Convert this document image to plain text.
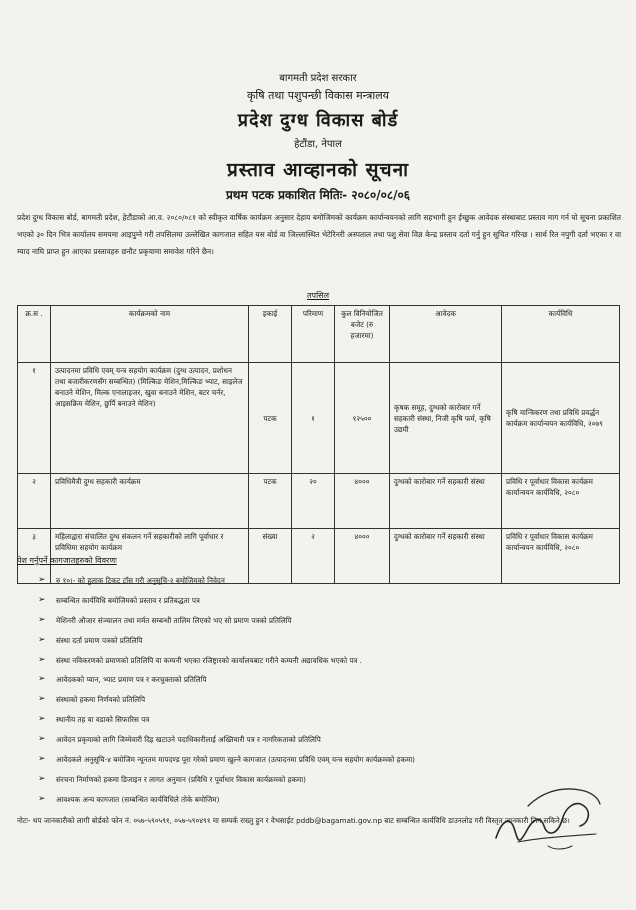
बागमती प्रदेश सरकार
कृषि तथा पशुपन्छी विकास मन्त्रालय
प्रदेश दुग्ध विकास बोर्ड
हेटौंडा, नेपाल
प्रस्ताव आव्हानको सूचना
प्रथम पटक प्रकाशित मितिः- २०८०/०८/०६
प्रदेश दुग्ध विकास बोर्ड, बागमती प्रदेश, हेटौंडाको आ.व. २०८०/०८१ को स्वीकृत वार्षिक कार्यक्रम अनुसार देहाय बमोजिमको कार्यक्रम कार्यान्वयनको लागि सहभागी हुन ईच्छुक आवेदक संस्थाबाट प्रस्ताव माग गर्न यो सूचना प्रकाशित भएको ३० दिन भित्र कार्यालय समयमा आइपुग्ने गरी तपसिलमा उल्लेखित कागजात सहित यस बोर्ड वा जिल्लास्थित भेटेरिनरी अस्पताल तथा पशु सेवा विज्ञ केन्द्र प्रस्ताव दर्ता गर्नु हुन सूचित गरिन्छ । सार्थ रित नपुगी दर्ता भएका र वा म्याद नाघि प्राप्त हुन आएका प्रस्तावहरु छनौट प्रकृयामा समावेश गरिने छैन।
तपसिल
क्र.स .	कार्यक्रमको नाम	इकाई	परिमाण	कुल विनियोजित बजेट (रु हजारमा)	आवेदक	कार्यविधि
१	उत्पादनमा प्रविधि एवम् यन्त्र सहयोग कार्यक्रम (दुग्ध उत्पादन, प्रशोधन तथा बजारीकरणसँग सम्बन्धित) (मिल्किङ मेशिन,मिल्किङ भ्याट, साइलेज बनाउने मेशिन, मिल्क एनालाइजर, खुवा बनाउने मेशिन, बटर चर्नर, आइसक्रिम मेशिन, छुर्पि बनाउने मेशिन)	पटक	१	१२५००	कृषक समूह, दुग्धको कारोबार गर्ने सहकारी संस्था, निजी कृषि फर्म, कृषि उद्यमी	कृषि यान्त्रिकरण तथा प्रविधि प्रवर्द्धन कार्यक्रम कार्यान्वयन कार्यविधि, २०७९
२	प्रविधिमैत्री दुग्ध सहकारी कार्यक्रम	पटक	२०	४०००	दुग्धको कारोबार गर्ने सहकारी संस्था	प्रविधि र पूर्वाधार विकास कार्यक्रम कार्यान्वयन कार्यविधि, २०८०
३	महिलाद्वारा संचालित दुग्ध संकलन गर्ने सहकारीको लागि पूर्वाधार र प्रविधिमा सहयोग कार्यक्रम	संख्या	२	४०००	दुग्धको कारोबार गर्ने सहकारी संस्था	प्रविधि र पूर्वाधार विकास कार्यक्रम कार्यान्वयन कार्यविधि, २०८०
पेश गर्नुपर्ने कागजातहरुको विवरणः
➢ रु १०।- को हुलाक टिकट टाँस गरी अनुसूचि-२ बमोजिमको निवेदन
➢ सम्बन्धित कार्यविधि बमोजिमको प्रस्ताव र प्रतिबद्धता पत्र
➢ मेशिनरी औजार संञ्चालन तथा मर्मत सम्बन्धी तालिम लिएको भए सो प्रमाण पत्रको प्रतिलिपि
➢ संस्था दर्ता प्रमाण पत्रको प्रतिलिपि
➢ संस्था नविकरणको प्रमाणको प्रतिलिपि वा कम्पनी भएका रजिष्ट्रारको कार्यालयबाट गरीने कम्पनी अद्यावधिक भएको पत्र .
➢ आवेदकको प्यान, भ्याट प्रमाण पत्र र करचुक्ताको प्रतिलिपि
➢ संस्थाको हकमा निर्णयको प्रतिलिपि
➢ स्थानीय तह वा वडाको सिफारिस पत्र
➢ आवेदन प्रकृयाको लागि जिम्मेवारी दिइ खटाउने पदाधिकारीलाई अख्तियारी पत्र र नागरिकताको प्रतिलिपि
➢ आवेदकले अनुसूचि-४ बमोजिम न्यूनतम मापदण्ड पूरा गरेको प्रमाण खुल्ने कागजात (उत्पादनमा प्रविधि एवम् यन्त्र सहयोग कार्यक्रमको हकमा)
➢ संरचना निर्माणको हकमा डिजाइन र लागत अनुमान (प्रविधि र पूर्वाधार विकास कार्यक्रमको हकमा)
➢ आवश्यक अन्य कागजात (सम्बन्धित कार्यविधिले तोके बमोजिम)
नोटः- थप जानकारीको लागी बोर्डको फोन नं. ०५७-५९०५९१, ०५७-५९०४९१ मा सम्पर्क राख्नु हुन र वेभसाईट pddb@bagamati.gov.np बाट सम्बन्धित कार्यविधि डाउनलोड गरी विस्तृत जानकारी लिन सकिने छ।
